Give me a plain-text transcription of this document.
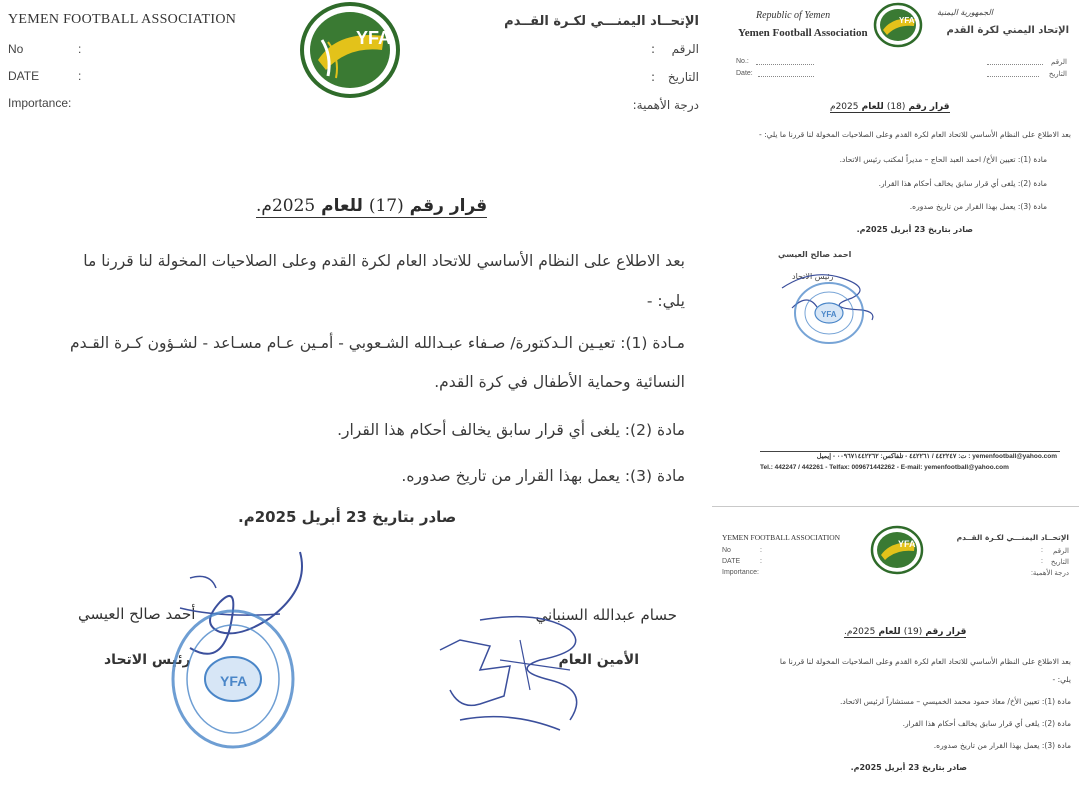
YEMEN FOOTBALL ASSOCIATION
No	:
DATE	:
Importance:
YFA
الإتحــاد اليمنـــي لكـرة القــدم
الرقم
:
التاريخ
:
درجة الأهمية:
قرار رقم (17) للعام 2025م.
بعد الاطلاع على النظام الأساسي للاتحاد العام لكرة القدم وعلى الصلاحيات المخولة لنا قررنا ما
يلي: -
مـادة (1): تعيـين الـدكتورة/ صـفاء عبـدالله الشـعوبي - أمـين عـام مسـاعد - لشـؤون كـرة القـدم
النسائية وحماية الأطفال في كرة القدم.
مادة (2): يلغى أي قرار سابق يخالف أحكام هذا القرار.
مادة (3): يعمل بهذا القرار من تاريخ صدوره.
صادر بتاريخ 23 أبريل 2025م.
حسام عبدالله السنباني
الأمين العام
أحمد صالح العيسي
رئيس الاتحاد
YFA
Republic of Yemen
Yemen Football Association
YFA
الجمهورية اليمنية
الإتحاد اليمني لكرة القدم
No.:
Date:
الرقم
التاريخ
قرار رقم (18) للعام 2025م
بعد الاطلاع على النظام الأساسي للاتحاد العام لكرة القدم وعلى الصلاحيات المخولة لنا قررنا ما يلي: -
مادة (1): تعيين الأخ/ احمد العبد الحاج – مديراً لمكتب رئيس الاتحاد.
مادة (2): يلغى أي قرار سابق يخالف أحكام هذا القرار.
مادة (3): يعمل بهذا القرار من تاريخ صدوره.
صادر بتاريخ 23 أبريل 2025م.
احمد صالح العيسي
رئيس الاتحاد
YFA
yemenfootball@yahoo.com : ت: ٤٤٢٢٤٧ / ٤٤٢٢٦١ - تلفاكس: ٠٠٩٦٧١٤٤٢٢٦٢ - إيميل
Tel.: 442247 / 442261 - Telfax: 009671442262 - E-mail: yemenfootball@yahoo.com
YEMEN FOOTBALL ASSOCIATION
No	:
DATE	:
Importance:
YFA
الإتحــاد اليمنـــي لكـرة القــدم
الرقم
:
التاريخ
:
درجة الأهمية:
قرار رقم (19) للعام 2025م.
بعد الاطلاع على النظام الأساسي للاتحاد العام لكرة القدم وعلى الصلاحيات المخولة لنا قررنا ما
يلي: -
مادة (1): تعيين الأخ/ معاذ حمود محمد الخميسي – مستشاراً لرئيس الاتحاد.
مادة (2): يلغى أي قرار سابق يخالف أحكام هذا القرار.
مادة (3): يعمل بهذا القرار من تاريخ صدوره.
صادر بتاريخ 23 أبريل 2025م.
